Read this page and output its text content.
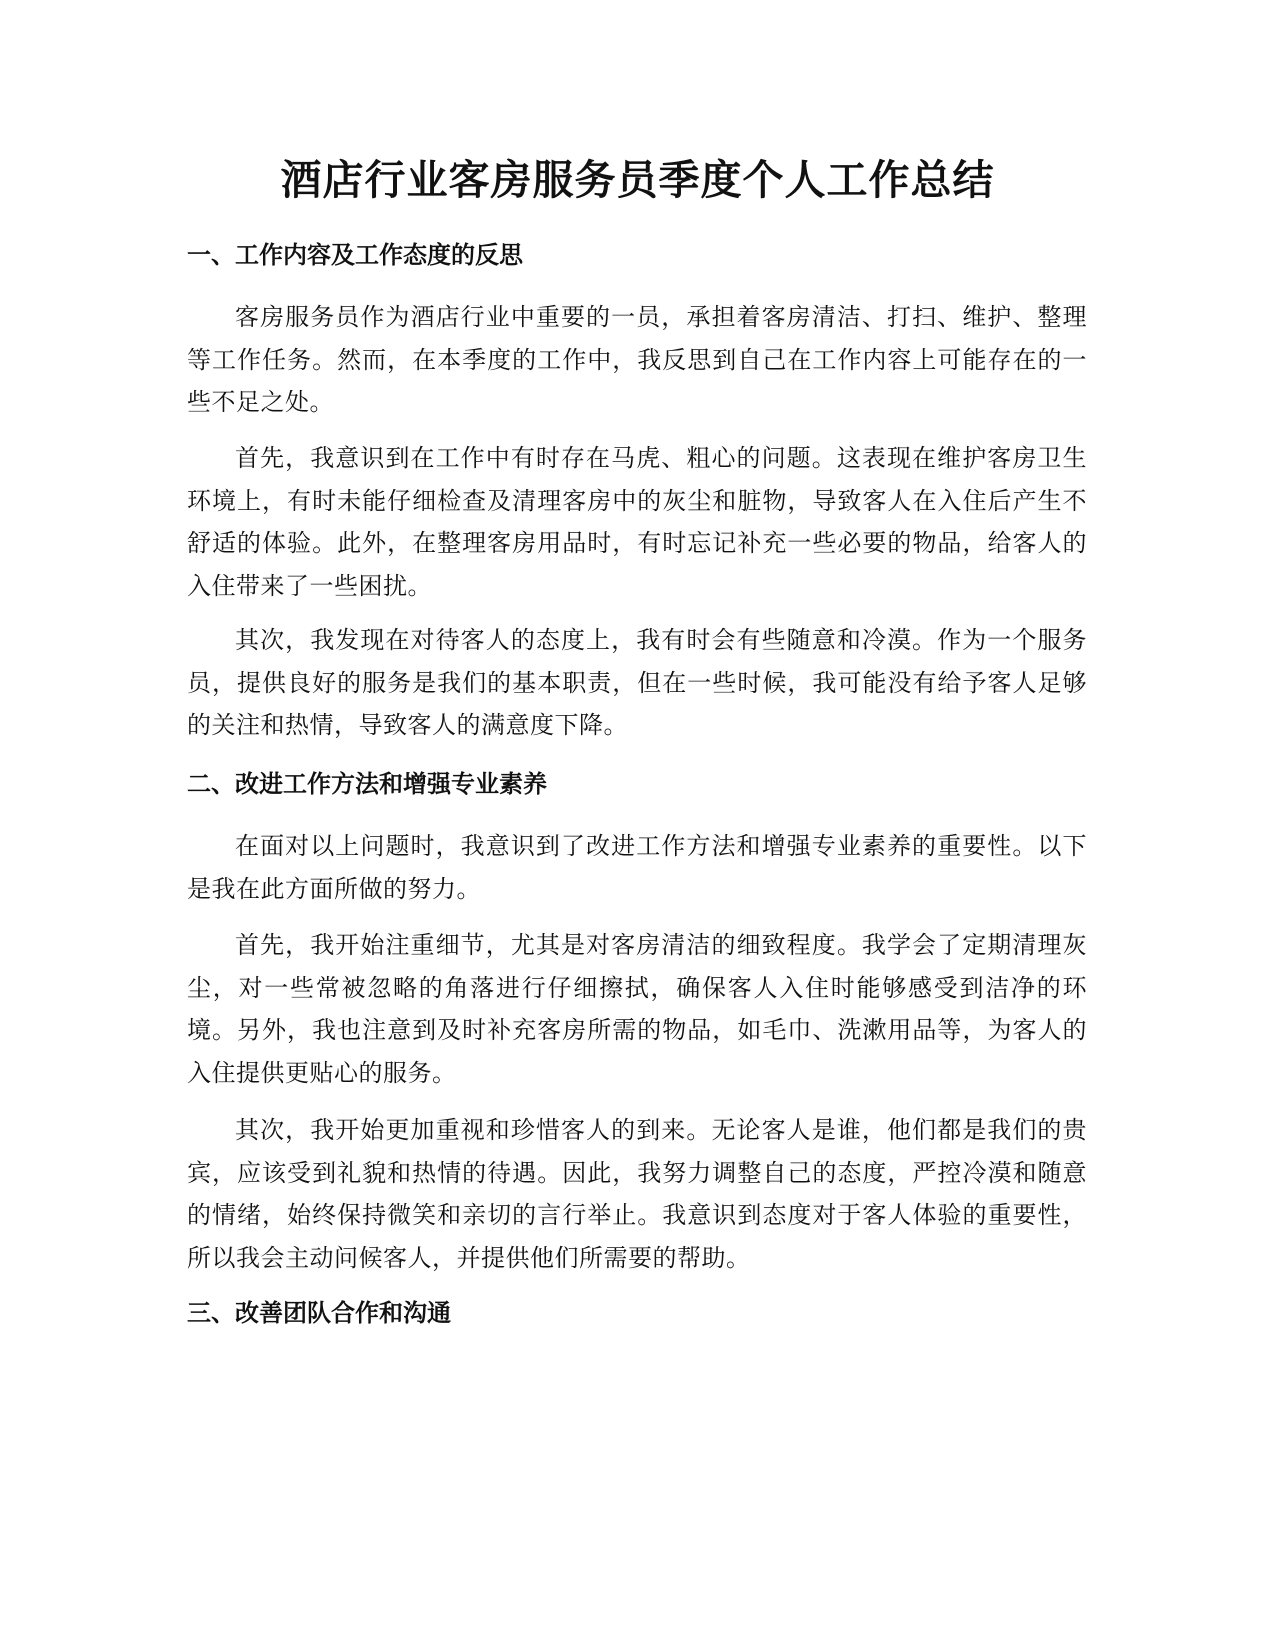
酒店行业客房服务员季度个人工作总结
一、工作内容及工作态度的反思

客房服务员作为酒店行业中重要的一员，承担着客房清洁、打扫、维护、整理等工作任务。然而，在本季度的工作中，我反思到自己在工作内容上可能存在的一些不足之处。

首先，我意识到在工作中有时存在马虎、粗心的问题。这表现在维护客房卫生环境上，有时未能仔细检查及清理客房中的灰尘和脏物，导致客人在入住后产生不舒适的体验。此外，在整理客房用品时，有时忘记补充一些必要的物品，给客人的入住带来了一些困扰。

其次，我发现在对待客人的态度上，我有时会有些随意和冷漠。作为一个服务员，提供良好的服务是我们的基本职责，但在一些时候，我可能没有给予客人足够的关注和热情，导致客人的满意度下降。

二、改进工作方法和增强专业素养

在面对以上问题时，我意识到了改进工作方法和增强专业素养的重要性。以下是我在此方面所做的努力。

首先，我开始注重细节，尤其是对客房清洁的细致程度。我学会了定期清理灰尘，对一些常被忽略的角落进行仔细擦拭，确保客人入住时能够感受到洁净的环境。另外，我也注意到及时补充客房所需的物品，如毛巾、洗漱用品等，为客人的入住提供更贴心的服务。

其次，我开始更加重视和珍惜客人的到来。无论客人是谁，他们都是我们的贵宾，应该受到礼貌和热情的待遇。因此，我努力调整自己的态度，严控冷漠和随意的情绪，始终保持微笑和亲切的言行举止。我意识到态度对于客人体验的重要性，所以我会主动问候客人，并提供他们所需要的帮助。

三、改善团队合作和沟通
